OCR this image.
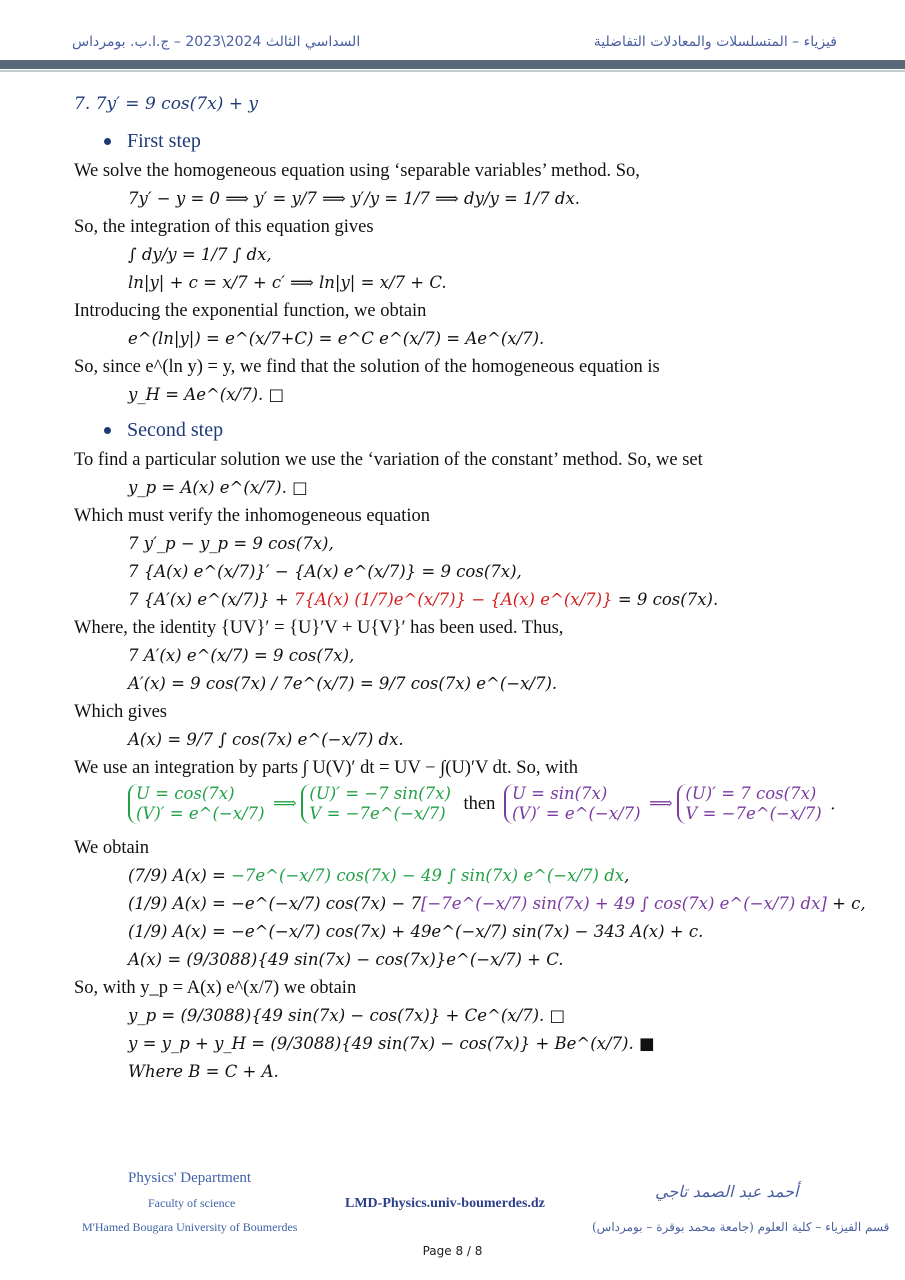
السداسي الثالث 2024\2023 – ج.ا.ب. بومرداس	فيزياء – المتسلسلات والمعادلات التفاضلية
7. 7y′ = 9 cos(7x) + y
First step
We solve the homogeneous equation using ‘separable variables’ method. So,
7y′ − y = 0 ⟹ y′ = y/7 ⟹ y′/y = 1/7 ⟹ dy/y = 1/7 dx.
So, the integration of this equation gives
∫ dy/y = 1/7 ∫ dx,
ln|y| + c = x/7 + c′ ⟹ ln|y| = x/7 + C.
Introducing the exponential function, we obtain
e^(ln|y|) = e^(x/7+C) = e^C e^(x/7) = Ae^(x/7).
So, since e^(ln y) = y, we find that the solution of the homogeneous equation is
y_H = Ae^(x/7). □
Second step
To find a particular solution we use the ‘variation of the constant’ method. So, we set
y_p = A(x) e^(x/7). □
Which must verify the inhomogeneous equation
7 y′_p − y_p = 9 cos(7x),
7 {A(x) e^(x/7)}′ − {A(x) e^(x/7)} = 9 cos(7x),
7 {A′(x) e^(x/7)} + 7{A(x) (1/7)e^(x/7)} − {A(x) e^(x/7)} = 9 cos(7x).
Where, the identity {UV}′ = {U}′V + U{V}′ has been used. Thus,
7 A′(x) e^(x/7) = 9 cos(7x),
A′(x) = 9 cos(7x) / 7e^(x/7) = 9/7 cos(7x) e^(−x/7).
Which gives
A(x) = 9/7 ∫ cos(7x) e^(−x/7) dx.
We use an integration by parts ∫ U(V)′ dt = UV − ∫(U)′V dt. So, with
U = cos(7x)
(V)′ = e^(−x/7) ⟹ (U)′ = −7 sin(7x)
V = −7e^(−x/7) then U = sin(7x)
(V)′ = e^(−x/7) ⟹ (U)′ = 7 cos(7x)
V = −7e^(−x/7) .
We obtain
(7/9) A(x) = −7e^(−x/7) cos(7x) − 49 ∫ sin(7x) e^(−x/7) dx,
(1/9) A(x) = −e^(−x/7) cos(7x) − 7[−7e^(−x/7) sin(7x) + 49 ∫ cos(7x) e^(−x/7) dx] + c,
(1/9) A(x) = −e^(−x/7) cos(7x) + 49e^(−x/7) sin(7x) − 343 A(x) + c.
A(x) = (9/3088){49 sin(7x) − cos(7x)}e^(−x/7) + C.
So, with y_p = A(x) e^(x/7) we obtain
y_p = (9/3088){49 sin(7x) − cos(7x)} + Ce^(x/7). □
y = y_p + y_H = (9/3088){49 sin(7x) − cos(7x)} + Be^(x/7). ■
Where B = C + A.
Physics' Department
Faculty of science
M'Hamed Bougara University of Boumerdes
LMD-Physics.univ-boumerdes.dz
أحمد عبد الصمد تاجي
قسم الفيزياء – كلية العلوم (جامعة محمد بوقرة – بومرداس)
Page 8 / 8
